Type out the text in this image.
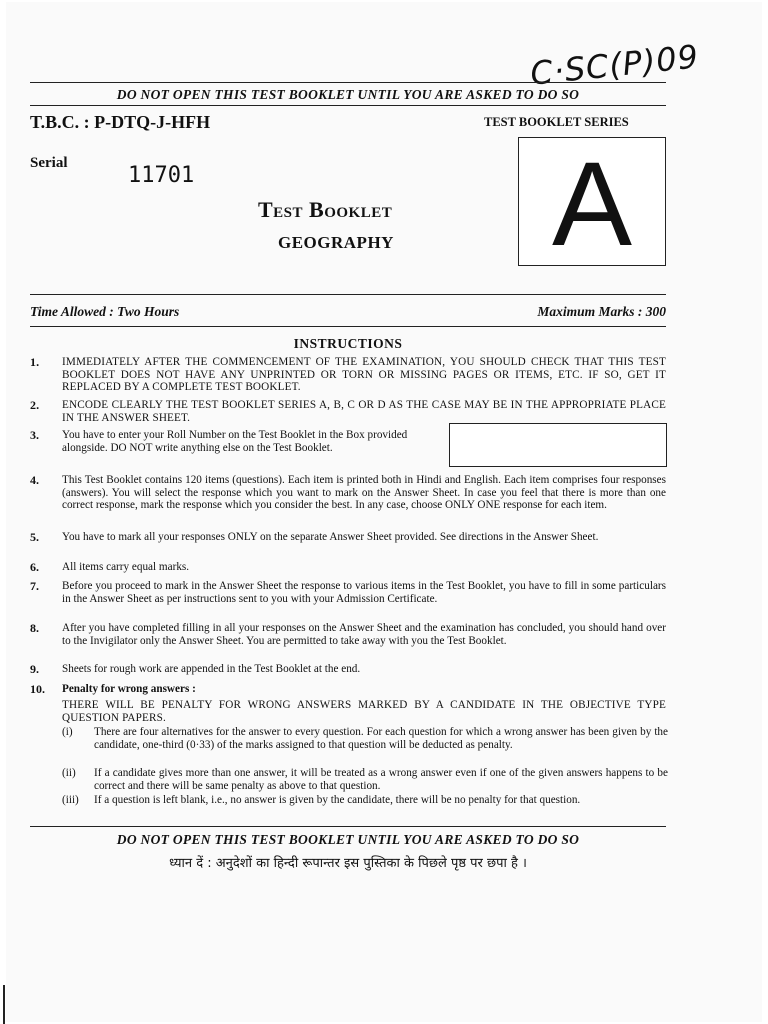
C·SC(P)09
DO NOT OPEN THIS TEST BOOKLET UNTIL YOU ARE ASKED TO DO SO
T.B.C. : P-DTQ-J-HFH	TEST BOOKLET SERIES
A
Serial	11701
Test Booklet
GEOGRAPHY
Time Allowed : Two Hours	Maximum Marks : 300
INSTRUCTIONS
1. IMMEDIATELY AFTER THE COMMENCEMENT OF THE EXAMINATION, YOU SHOULD CHECK THAT THIS TEST BOOKLET DOES NOT HAVE ANY UNPRINTED OR TORN OR MISSING PAGES OR ITEMS, ETC. IF SO, GET IT REPLACED BY A COMPLETE TEST BOOKLET.
2. ENCODE CLEARLY THE TEST BOOKLET SERIES A, B, C OR D AS THE CASE MAY BE IN THE APPROPRIATE PLACE IN THE ANSWER SHEET.
3. You have to enter your Roll Number on the Test Booklet in the Box provided alongside. DO NOT write anything else on the Test Booklet.
4. This Test Booklet contains 120 items (questions). Each item is printed both in Hindi and English. Each item comprises four responses (answers). You will select the response which you want to mark on the Answer Sheet. In case you feel that there is more than one correct response, mark the response which you consider the best. In any case, choose ONLY ONE response for each item.
5. You have to mark all your responses ONLY on the separate Answer Sheet provided. See directions in the Answer Sheet.
6. All items carry equal marks.
7. Before you proceed to mark in the Answer Sheet the response to various items in the Test Booklet, you have to fill in some particulars in the Answer Sheet as per instructions sent to you with your Admission Certificate.
8. After you have completed filling in all your responses on the Answer Sheet and the examination has concluded, you should hand over to the Invigilator only the Answer Sheet. You are permitted to take away with you the Test Booklet.
9. Sheets for rough work are appended in the Test Booklet at the end.
10. Penalty for wrong answers :
THERE WILL BE PENALTY FOR WRONG ANSWERS MARKED BY A CANDIDATE IN THE OBJECTIVE TYPE QUESTION PAPERS.
(i) There are four alternatives for the answer to every question. For each question for which a wrong answer has been given by the candidate, one-third (0·33) of the marks assigned to that question will be deducted as penalty.
(ii) If a candidate gives more than one answer, it will be treated as a wrong answer even if one of the given answers happens to be correct and there will be same penalty as above to that question.
(iii) If a question is left blank, i.e., no answer is given by the candidate, there will be no penalty for that question.
DO NOT OPEN THIS TEST BOOKLET UNTIL YOU ARE ASKED TO DO SO
ध्यान दें : अनुदेशों का हिन्दी रूपान्तर इस पुस्तिका के पिछले पृष्ठ पर छपा है ।
